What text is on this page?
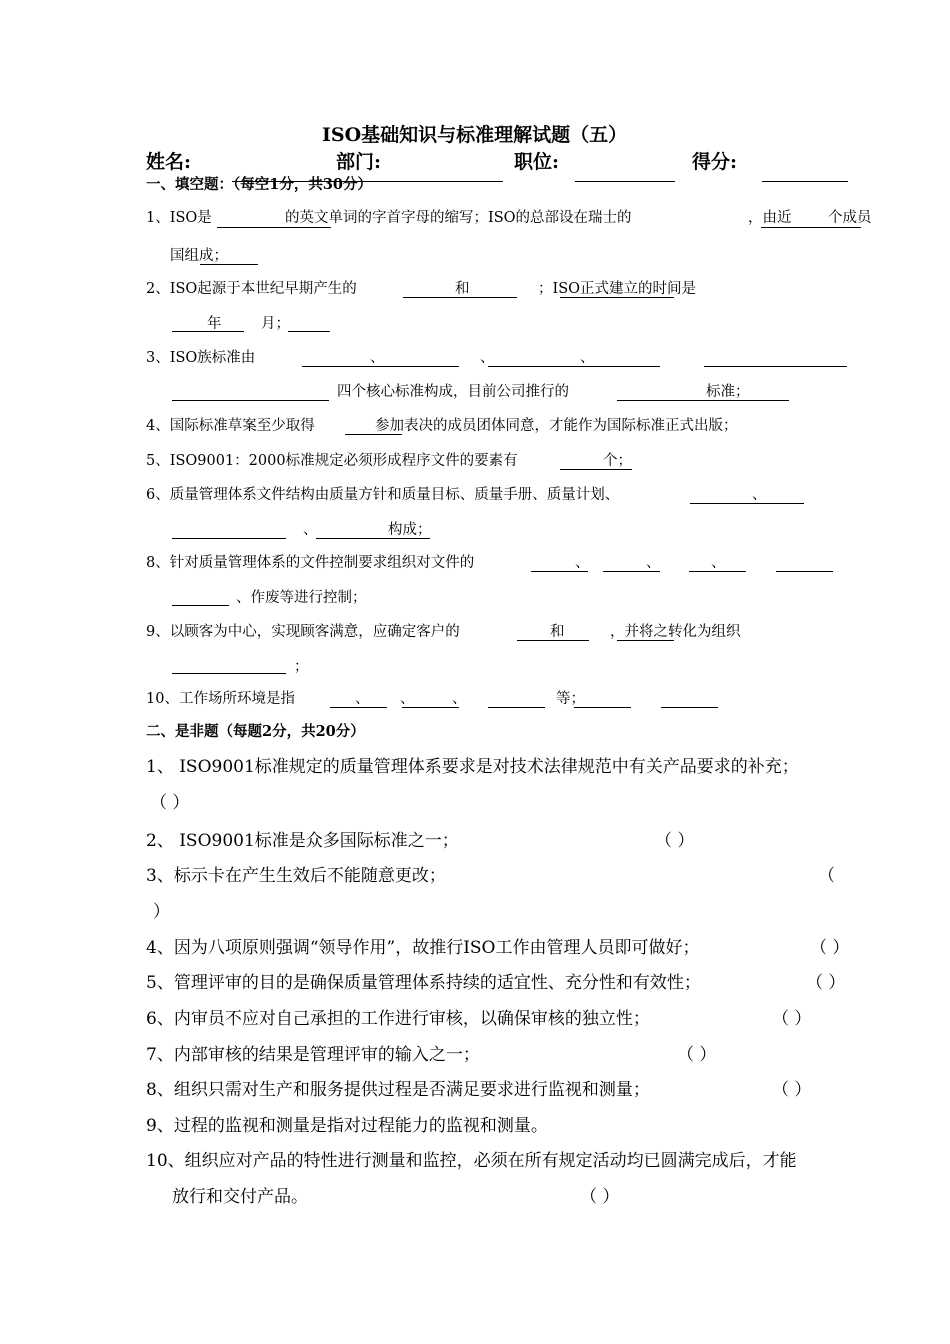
ISO基础知识与标准理解试题（五）
姓名:	部门:	职位:	得分:
一、填空题：（每空1分，共30分）
1、ISO是	的英文单词的字首字母的缩写；ISO的总部设在瑞士的	，由近	个成员
国组成；
2、ISO起源于本世纪早期产生的	和	；ISO正式建立的时间是
年	月；
3、ISO族标准由	、	、	、
四个核心标准构成，目前公司推行的	标准；
4、国际标准草案至少取得	参加表决的成员团体同意，才能作为国际标准正式出版；
5、ISO9001：2000标准规定必须形成程序文件的要素有	个；
6、质量管理体系文件结构由质量方针和质量目标、质量手册、质量计划、	、
、	构成；
8、针对质量管理体系的文件控制要求组织对文件的	、	、	、
、作废等进行控制；
9、以顾客为中心，实现顾客满意，应确定客户的	和	，并将之转化为组织
；
10、工作场所环境是指	、 、	、	等；
二、是非题（每题2分，共20分）
1、 ISO9001标准规定的质量管理体系要求是对技术法律规范中有关产品要求的补充；
（ ）
2、 ISO9001标准是众多国际标准之一；	（ ）
3、标示卡在产生生效后不能随意更改；	（
）
4、因为八项原则强调“领导作用”，故推行ISO工作由管理人员即可做好；	（ ）
5、管理评审的目的是确保质量管理体系持续的适宜性、充分性和有效性；	（ ）
6、内审员不应对自己承担的工作进行审核，以确保审核的独立性；	（ ）
7、内部审核的结果是管理评审的输入之一；	（ ）
8、组织只需对生产和服务提供过程是否满足要求进行监视和测量；	（ ）
9、过程的监视和测量是指对过程能力的监视和测量。
10、组织应对产品的特性进行测量和监控，必须在所有规定活动均已圆满完成后，才能
放行和交付产品。	（ ）
